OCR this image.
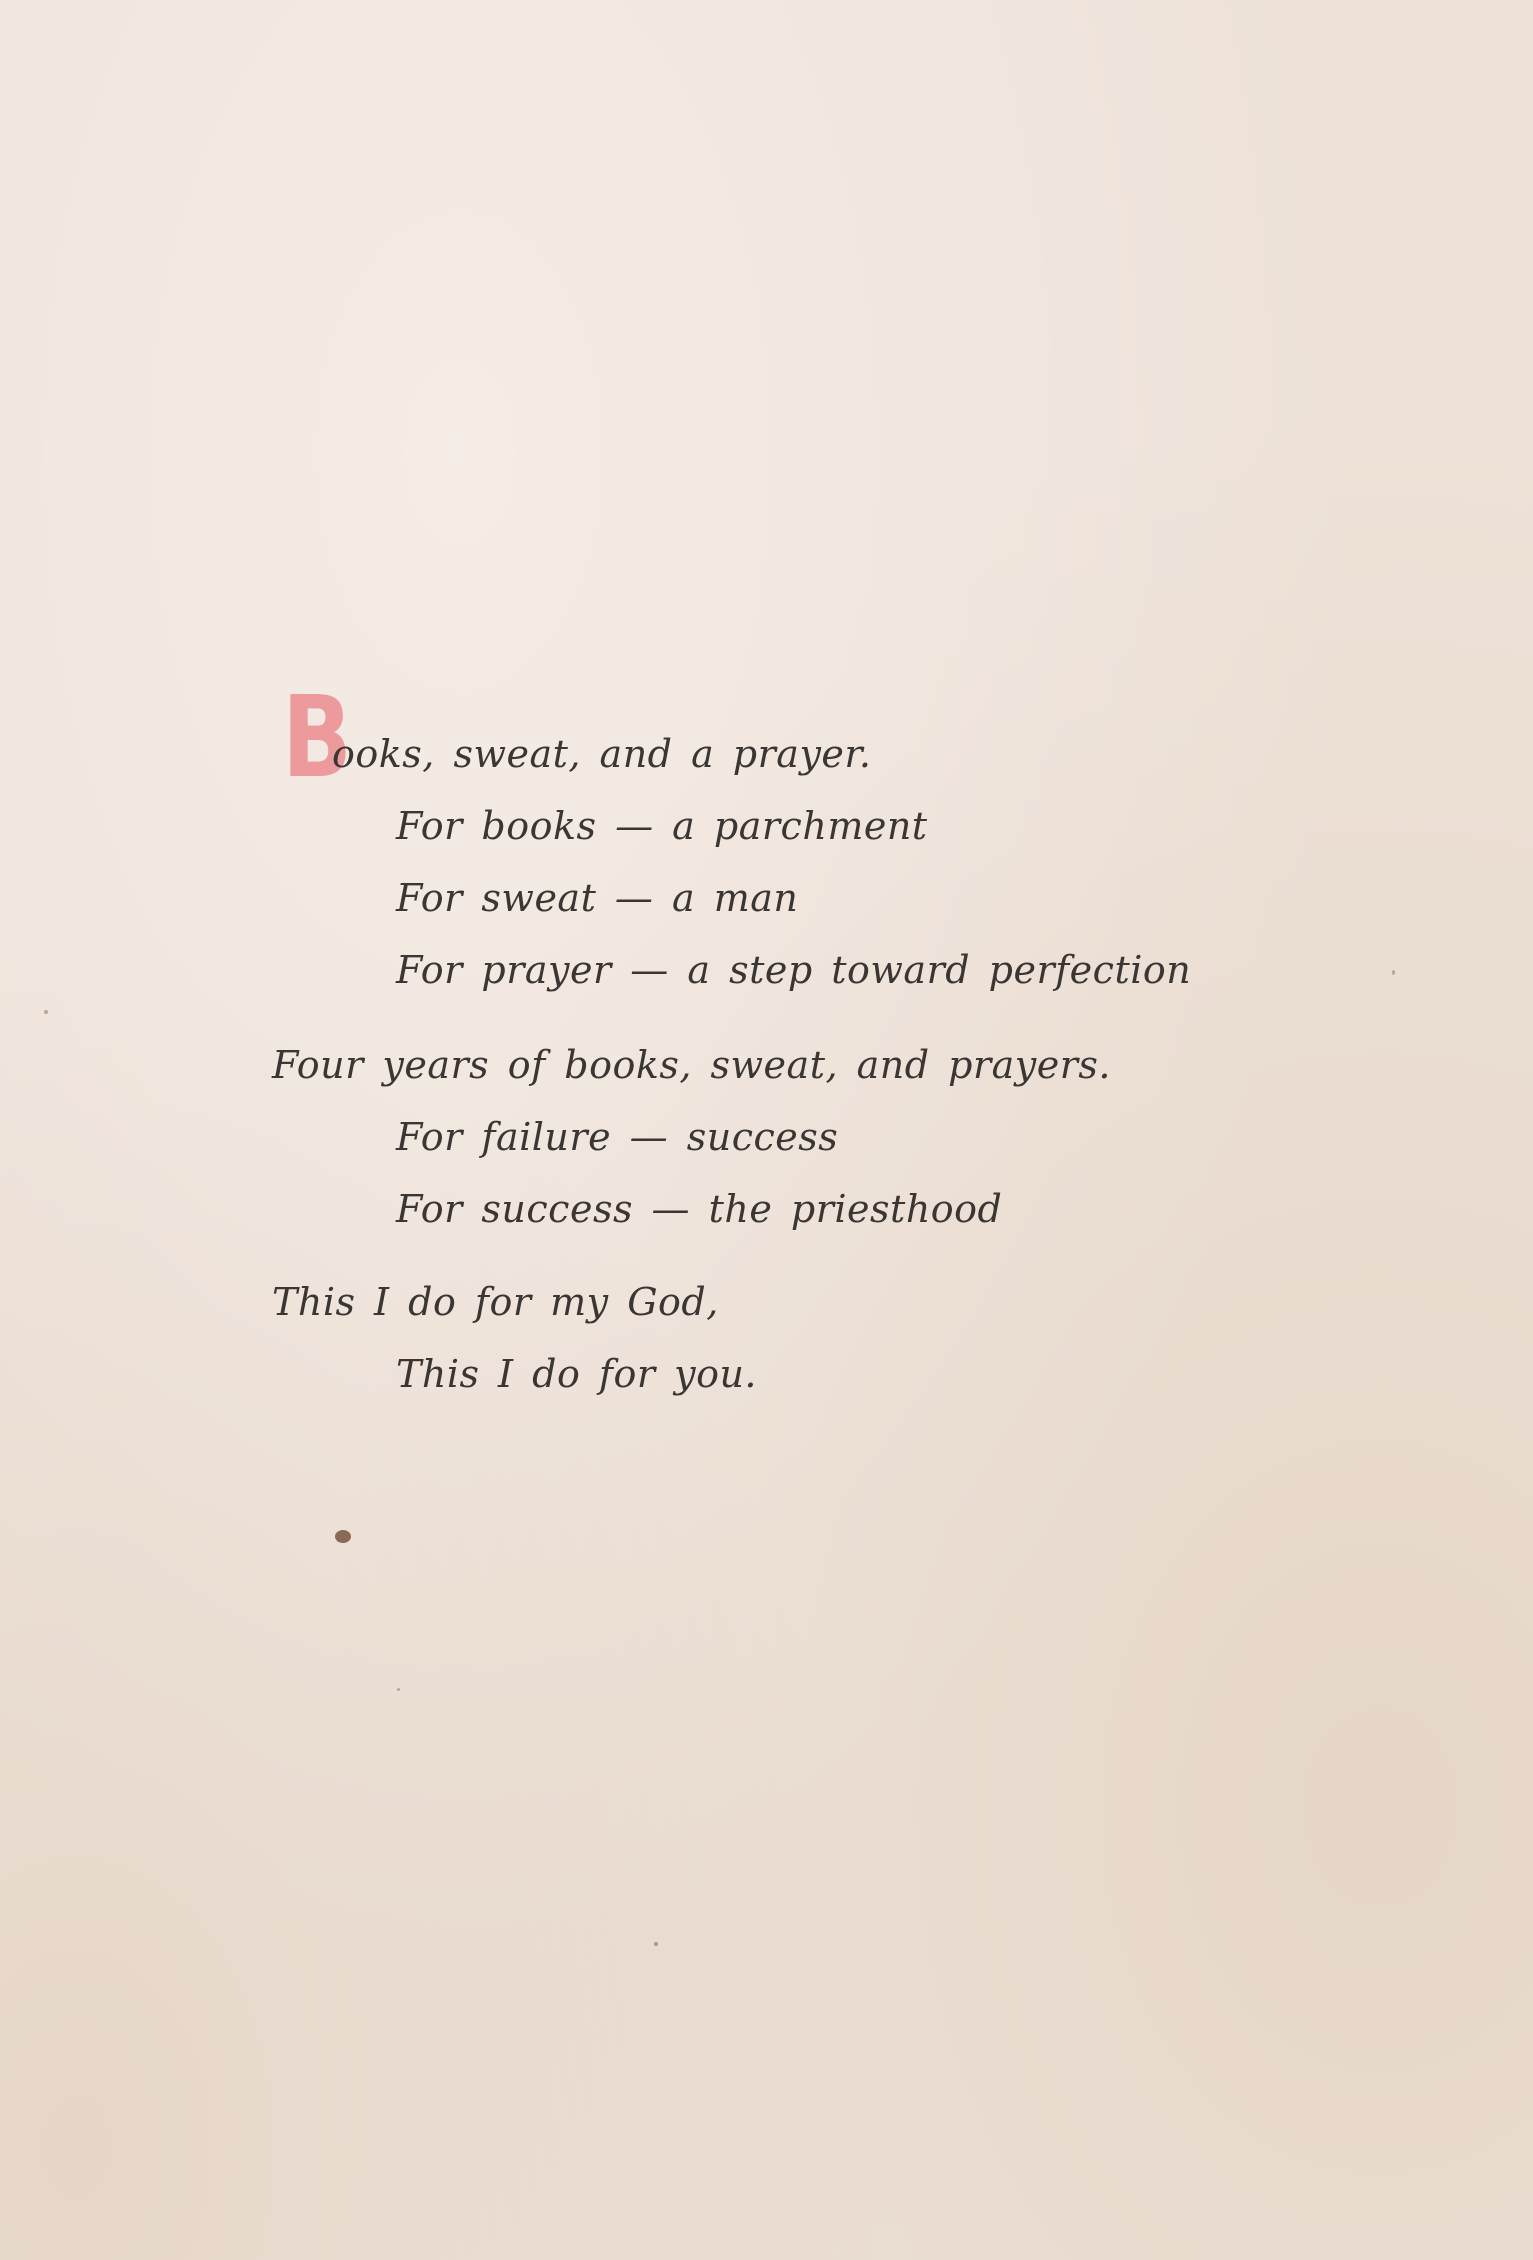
B
ooks, sweat, and a prayer.
For books — a parchment
For sweat — a man
For prayer — a step toward perfection
Four years of books, sweat, and prayers.
For failure — success
For success — the priesthood
This I do for my God,
This I do for you.
